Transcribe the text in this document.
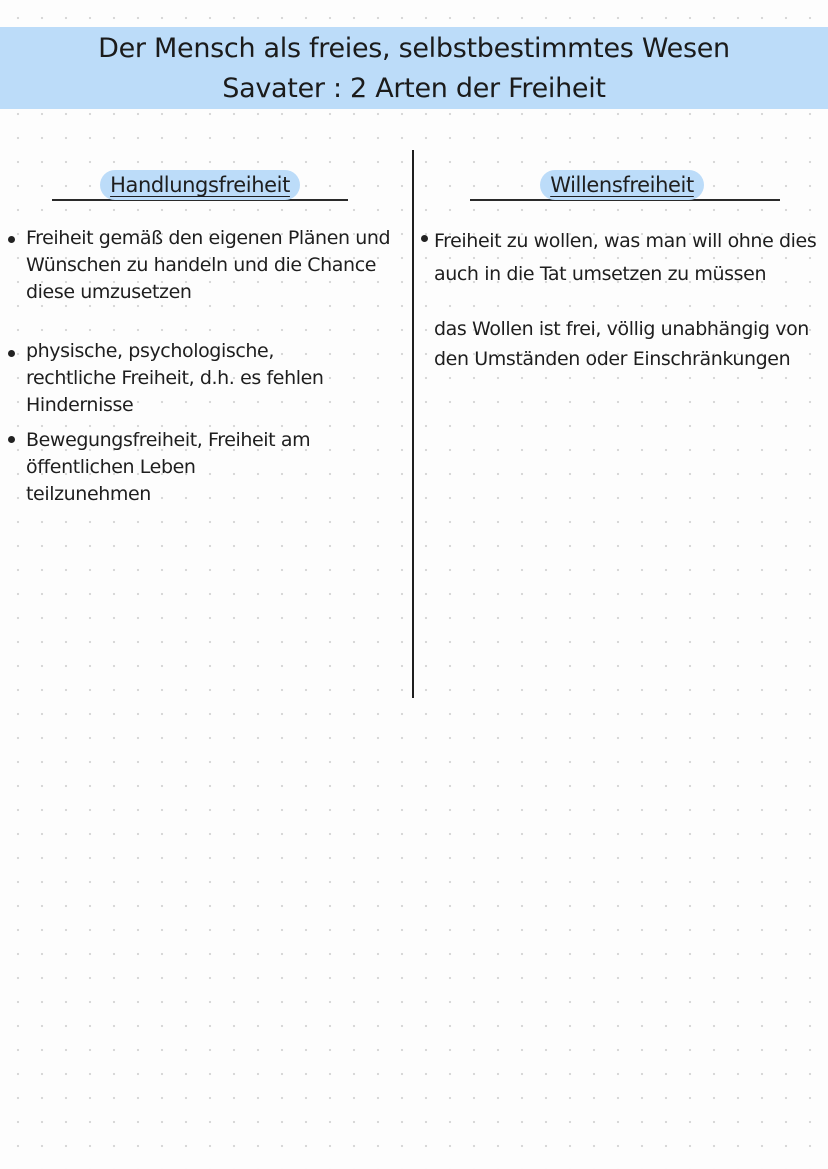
Der Mensch als freies, selbstbestimmtes Wesen
Savater : 2 Arten der Freiheit
Handlungsfreiheit
Freiheit gemäß den eigenen Plänen und Wünschen zu handeln und die Chance diese umzusetzen
physische, psychologische, rechtliche Freiheit, d.h. es fehlen Hindernisse
Bewegungsfreiheit, Freiheit am öffentlichen Leben teilzunehmen
Willensfreiheit
Freiheit zu wollen, was man will ohne dies auch in die Tat umsetzen zu müssen
das Wollen ist frei, völlig unabhängig von den Umständen oder Einschränkungen
